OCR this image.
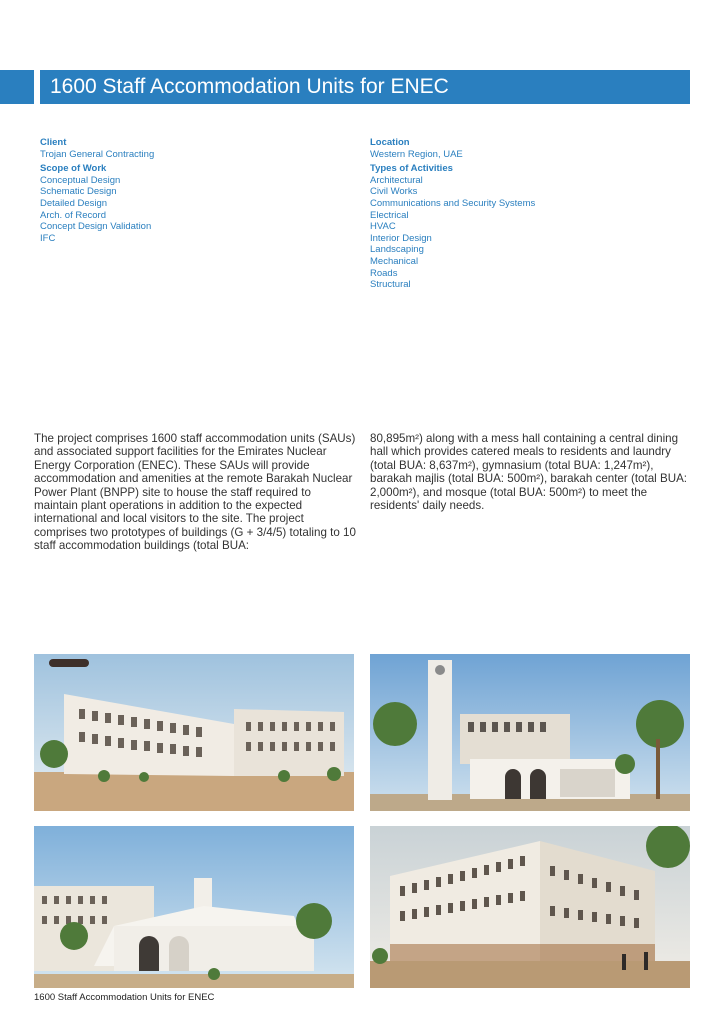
1600 Staff Accommodation Units for ENEC
Client
Trojan General Contracting
Scope of Work
Conceptual Design
Schematic Design
Detailed Design
Arch. of Record
Concept Design Validation
IFC
Location
Western Region, UAE
Types of Activities
Architectural
Civil Works
Communications and Security Systems
Electrical
HVAC
Interior Design
Landscaping
Mechanical
Roads
Structural
The project comprises 1600 staff accommodation units (SAUs) and associated support facilities for the Emirates Nuclear Energy Corporation (ENEC). These SAUs will provide accommodation and amenities at the remote Barakah Nuclear Power Plant (BNPP) site to house the staff required to maintain plant operations in addition to the expected international and local visitors to the site. The project comprises two prototypes of buildings (G + 3/4/5) totaling to 10 staff accommodation buildings (total BUA:
80,895m²) along with a mess hall containing a central dining hall which provides catered meals to residents and laundry (total BUA: 8,637m²), gymnasium (total BUA: 1,247m²), barakah majlis (total BUA: 500m²), barakah center (total BUA: 2,000m²), and mosque (total BUA: 500m²) to meet the residents' daily needs.
1600 Staff Accommodation Units for ENEC
